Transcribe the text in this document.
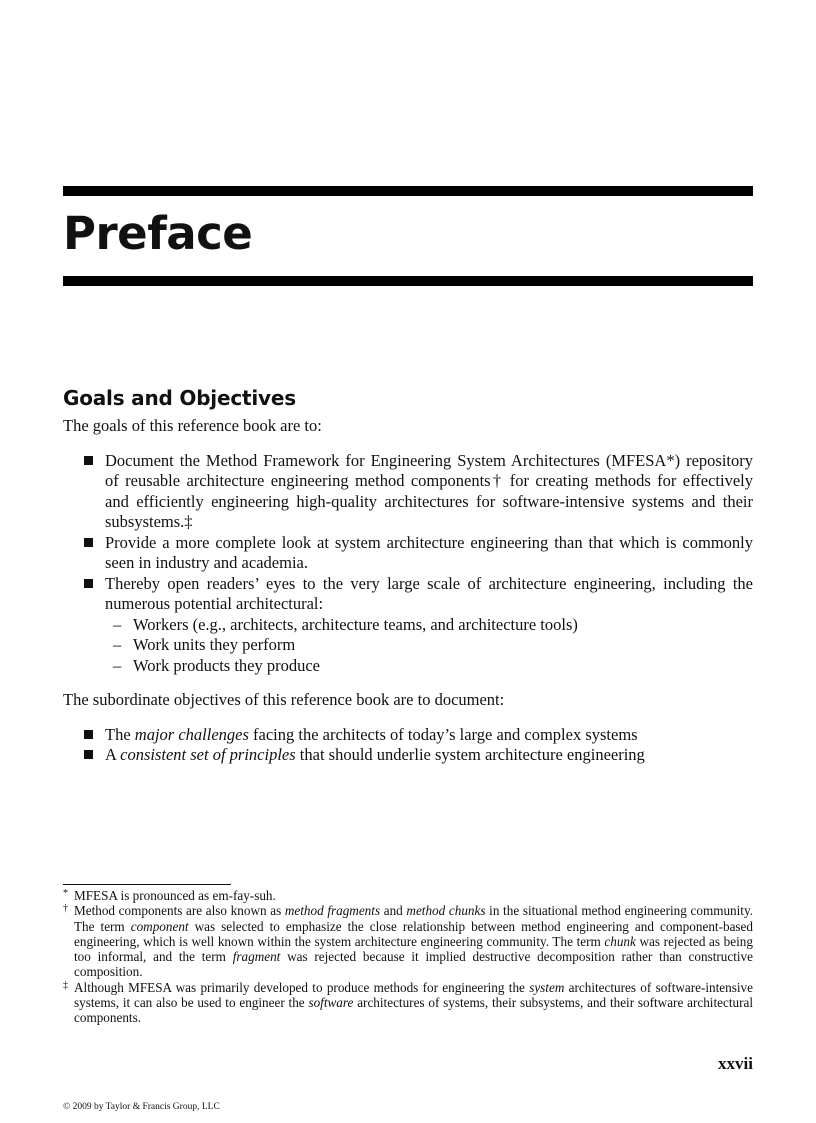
Preface
Goals and Objectives

The goals of this reference book are to:

Document the Method Framework for Engineering System Architectures (MFESA*) repository of reusable architecture engineering method components† for creating methods for effectively and efficiently engineering high-quality architectures for software-intensive systems and their subsystems.‡
Provide a more complete look at system architecture engineering than that which is commonly seen in industry and academia.
Thereby open readers’ eyes to the very large scale of architecture engineering, including the numerous potential architectural:
– Workers (e.g., architects, architecture teams, and architecture tools)
– Work units they perform
– Work products they produce

The subordinate objectives of this reference book are to document:

The major challenges facing the architects of today’s large and complex systems
A consistent set of principles that should underlie system architecture engineering
* MFESA is pronounced as em-fay-suh.
† Method components are also known as method fragments and method chunks in the situational method engineering community. The term component was selected to emphasize the close relationship between method engineering and component-based engineering, which is well known within the system architecture engineering community. The term chunk was rejected as being too informal, and the term fragment was rejected because it implied destructive decomposition rather than constructive composition.
‡ Although MFESA was primarily developed to produce methods for engineering the system architectures of software-intensive systems, it can also be used to engineer the software architectures of systems, their subsystems, and their software architectural components.
xxvii
© 2009 by Taylor & Francis Group, LLC
